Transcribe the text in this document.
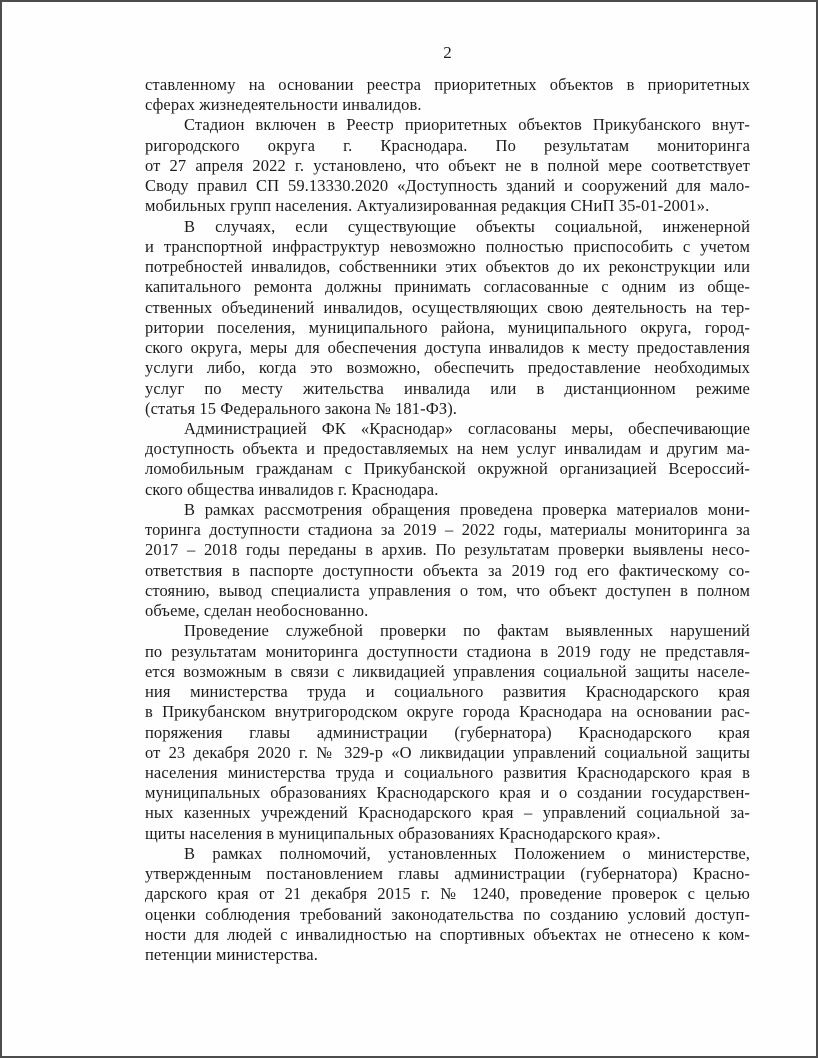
2
ставленному на основании реестра приоритетных объектов в приоритетных
сферах жизнедеятельности инвалидов.
Стадион включен в Реестр приоритетных объектов Прикубанского внут-
ригородского округа г. Краснодара. По результатам мониторинга
от 27 апреля 2022 г. установлено, что объект не в полной мере соответствует
Своду правил СП 59.13330.2020 «Доступность зданий и сооружений для мало-
мобильных групп населения. Актуализированная редакция СНиП 35-01-2001».
В случаях, если существующие объекты социальной, инженерной
и транспортной инфраструктур невозможно полностью приспособить с учетом
потребностей инвалидов, собственники этих объектов до их реконструкции или
капитального ремонта должны принимать согласованные с одним из обще-
ственных объединений инвалидов, осуществляющих свою деятельность на тер-
ритории поселения, муниципального района, муниципального округа, город-
ского округа, меры для обеспечения доступа инвалидов к месту предоставления
услуги либо, когда это возможно, обеспечить предоставление необходимых
услуг по месту жительства инвалида или в дистанционном режиме
(статья 15 Федерального закона № 181-ФЗ).
Администрацией ФК «Краснодар» согласованы меры, обеспечивающие
доступность объекта и предоставляемых на нем услуг инвалидам и другим ма-
ломобильным гражданам с Прикубанской окружной организацией Всероссий-
ского общества инвалидов г. Краснодара.
В рамках рассмотрения обращения проведена проверка материалов мони-
торинга доступности стадиона за 2019 – 2022 годы, материалы мониторинга за
2017 – 2018 годы переданы в архив. По результатам проверки выявлены несо-
ответствия в паспорте доступности объекта за 2019 год его фактическому со-
стоянию, вывод специалиста управления о том, что объект доступен в полном
объеме, сделан необоснованно.
Проведение служебной проверки по фактам выявленных нарушений
по результатам мониторинга доступности стадиона в 2019 году не представля-
ется возможным в связи с ликвидацией управления социальной защиты населе-
ния министерства труда и социального развития Краснодарского края
в Прикубанском внутригородском округе города Краснодара на основании рас-
поряжения главы администрации (губернатора) Краснодарского края
от 23 декабря 2020 г. № 329-р «О ликвидации управлений социальной защиты
населения министерства труда и социального развития Краснодарского края в
муниципальных образованиях Краснодарского края и о создании государствен-
ных казенных учреждений Краснодарского края – управлений социальной за-
щиты населения в муниципальных образованиях Краснодарского края».
В рамках полномочий, установленных Положением о министерстве,
утвержденным постановлением главы администрации (губернатора) Красно-
дарского края от 21 декабря 2015 г. № 1240, проведение проверок с целью
оценки соблюдения требований законодательства по созданию условий доступ-
ности для людей с инвалидностью на спортивных объектах не отнесено к ком-
петенции министерства.
